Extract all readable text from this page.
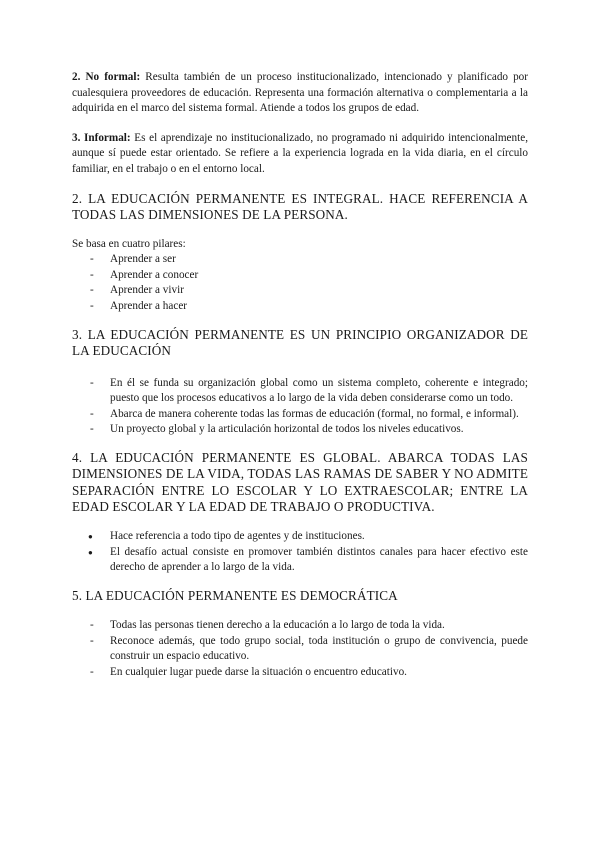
2. No formal: Resulta también de un proceso institucionalizado, intencionado y planificado por cualesquiera proveedores de educación. Representa una formación alternativa o complementaria a la adquirida en el marco del sistema formal. Atiende a todos los grupos de edad.

3. Informal: Es el aprendizaje no institucionalizado, no programado ni adquirido intencionalmente, aunque sí puede estar orientado. Se refiere a la experiencia lograda en la vida diaria, en el círculo familiar, en el trabajo o en el entorno local.

2. LA EDUCACIÓN PERMANENTE ES INTEGRAL. HACE REFERENCIA A TODAS LAS DIMENSIONES DE LA PERSONA.

Se basa en cuatro pilares:

- Aprender a ser
- Aprender a conocer
- Aprender a vivir
- Aprender a hacer

3. LA EDUCACIÓN PERMANENTE ES UN PRINCIPIO ORGANIZADOR DE LA EDUCACIÓN

- En él se funda su organización global como un sistema completo, coherente e integrado; puesto que los procesos educativos a lo largo de la vida deben considerarse como un todo.
- Abarca de manera coherente todas las formas de educación (formal, no formal, e informal).
- Un proyecto global y la articulación horizontal de todos los niveles educativos.

4. LA EDUCACIÓN PERMANENTE ES GLOBAL. ABARCA TODAS LAS DIMENSIONES DE LA VIDA, TODAS LAS RAMAS DE SABER Y NO ADMITE SEPARACIÓN ENTRE LO ESCOLAR Y LO EXTRAESCOLAR; ENTRE LA EDAD ESCOLAR Y LA EDAD DE TRABAJO O PRODUCTIVA.

● Hace referencia a todo tipo de agentes y de instituciones.
● El desafío actual consiste en promover también distintos canales para hacer efectivo este derecho de aprender a lo largo de la vida.

5. LA EDUCACIÓN PERMANENTE ES DEMOCRÁTICA

- Todas las personas tienen derecho a la educación a lo largo de toda la vida.
- Reconoce además, que todo grupo social, toda institución o grupo de convivencia, puede construir un espacio educativo.
- En cualquier lugar puede darse la situación o encuentro educativo.
